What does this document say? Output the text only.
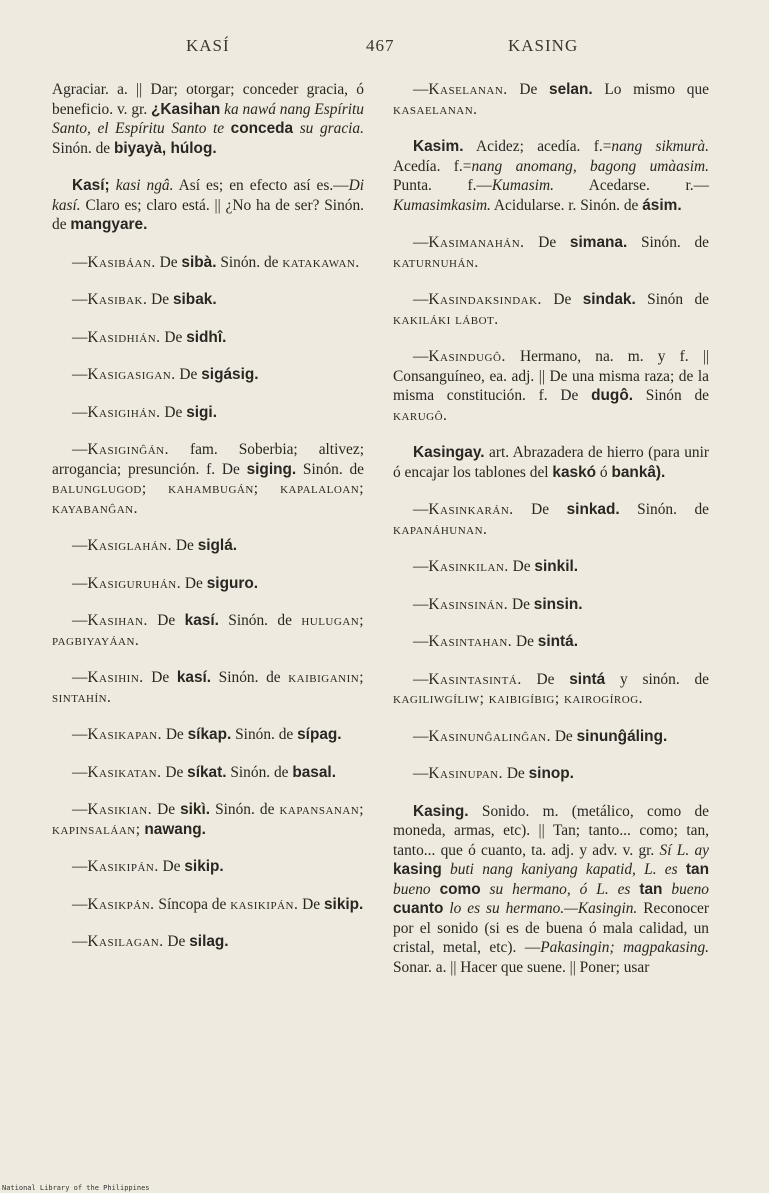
KASÍ	467	KASING

Agraciar. a. || Dar; otorgar; conceder gracia, ó beneficio. v. gr. ¿Kasihan ka nawá nang Espíritu Santo, el Espíritu Santo te conceda su gracia. Sinón. de biyayà, húlog.

Kasí; kasi ngâ. Así es; en efecto así es.—Di kasí. Claro es; claro está. || ¿No ha de ser? Sinón. de mangyare.

—Kasibáan. De sibà. Sinón. de katakawan.

—Kasibak. De sibak.

—Kasidhián. De sidhî.

—Kasigasigan. De sigásig.

—Kasigihán. De sigi.

—Kasiginĝán. fam. Soberbia; altivez; arrogancia; presunción. f. De siging. Sinón. de balunglugod; kahambugán; kapalaloan; kayabanĝan.

—Kasiglahán. De siglá.

—Kasiguruhán. De siguro.

—Kasihan. De kasí. Sinón. de hulugan; pagbiyayáan.

—Kasihin. De kasí. Sinón. de kaibiganin; sintahín.

—Kasikapan. De síkap. Sinón. de sípag.

—Kasikatan. De síkat. Sinón. de basal.

—Kasikian. De sikì. Sinón. de kapansanan; kapinsaláan; nawang.

—Kasikipán. De sikip.

—Kasikpán. Síncopa de kasikipán. De sikip.

—Kasilagan. De silag.

—Kaselanan. De selan. Lo mismo que kasaelanan.

Kasim. Acidez; acedía. f.=nang sikmurà. Acedía. f.=nang anomang, bagong umàasim. Punta. f.—Kumasim. Acedarse. r.—Kumasimkasim. Acidularse. r. Sinón. de ásim.

—Kasimanahán. De simana. Sinón. de katurnuhán.

—Kasindaksindak. De sindak. Sinón de kakiláki lábot.

—Kasindugô. Hermano, na. m. y f. || Consanguíneo, ea. adj. || De una misma raza; de la misma constitución. f. De dugô. Sinón de karugô.

Kasingay. art. Abrazadera de hierro (para unir ó encajar los tablones del kaskó ó bankâ).

—Kasinkarán. De sinkad. Sinón. de kapanáhunan.

—Kasinkilan. De sinkil.

—Kasinsinán. De sinsin.

—Kasintahan. De sintá.

—Kasintasintá. De sintá y sinón. de kagiliwgíliw; kaibigíbig; kairogírog.

—Kasinunĝalinĝan. De sinunĝáling.

—Kasinupan. De sinop.

Kasing. Sonido. m. (metálico, como de moneda, armas, etc). || Tan; tanto... como; tan, tanto... que ó cuanto, ta. adj. y adv. v. gr. Sí L. ay kasing buti nang kaniyang kapatid, L. es tan bueno como su hermano, ó L. es tan bueno cuanto lo es su hermano.—Kasingin. Reconocer por el sonido (si es de buena ó mala calidad, un cristal, metal, etc). —Pakasingin; magpakasing. Sonar. a. || Hacer que suene. || Poner; usar

National Library of the Philippines
